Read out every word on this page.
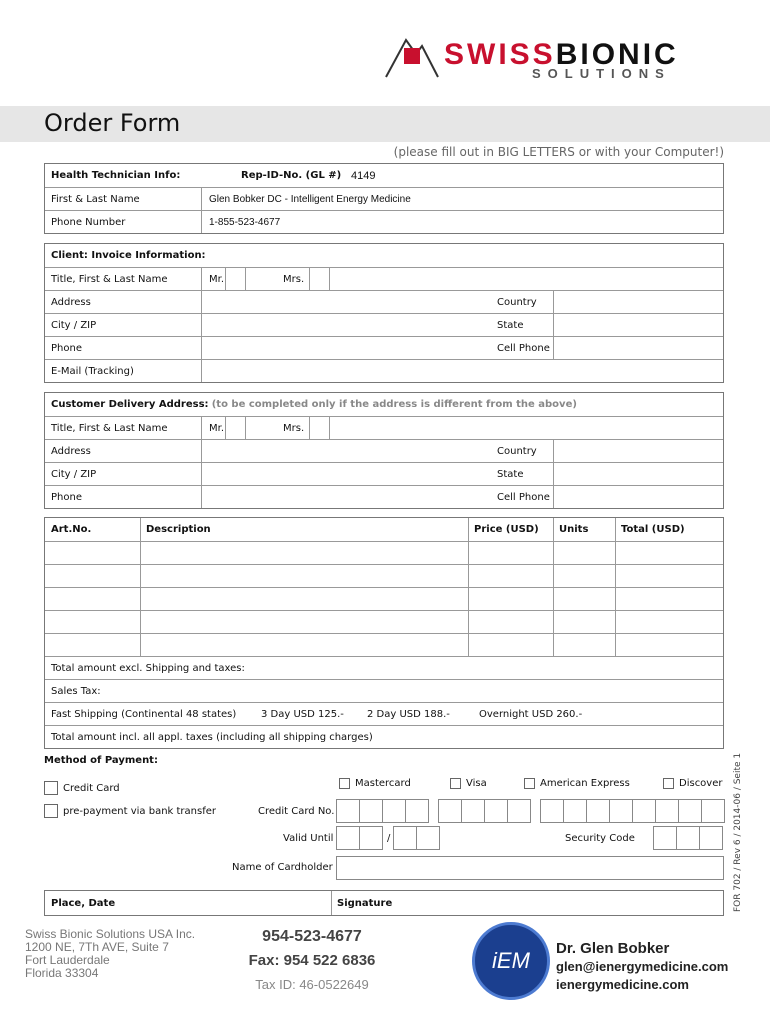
SWISSBIONIC
SOLUTIONS
Order Form
(please fill out in BIG LETTERS or with your Computer!)
Health Technician Info:	Rep-ID-No. (GL #) 4149
First & Last Name	Glen Bobker DC - Intelligent Energy Medicine
Phone Number	1-855-523-4677
Client: Invoice Information:
Title, First & Last Name	Mr.	Mrs.
Address	Country
City / ZIP	State
Phone	Cell Phone
E-Mail (Tracking)
Customer Delivery Address:
(to be completed only if the address is different from the above)
Title, First & Last Name	Mr.	Mrs.
Address	Country
City / ZIP	State
Phone	Cell Phone
Art.No.	Description	Price (USD)	Units	Total (USD)
Total amount excl. Shipping and taxes:
Sales Tax:
Fast Shipping (Continental 48 states)	3 Day USD 125.-	2 Day USD 188.-	Overnight USD 260.-
Total amount incl. all appl. taxes (including all shipping charges)
Method of Payment:
Credit Card
pre-payment via bank transfer
Mastercard	Visa	American Express	Discover
Credit Card No.
Valid Until	/	Security Code
Name of Cardholder
Place, Date	Signature	FOR 702 / Rev 6 / 2014-06 / Seite 1
Swiss Bionic Solutions USA Inc.
1200 NE, 7Th AVE, Suite 7
Fort Lauderdale
Florida 33304
954-523-4677
Fax: 954 522 6836
Tax ID: 46-0522649
iEM	Dr. Glen Bobker
glen@ienergymedicine.com
ienergymedicine.com
